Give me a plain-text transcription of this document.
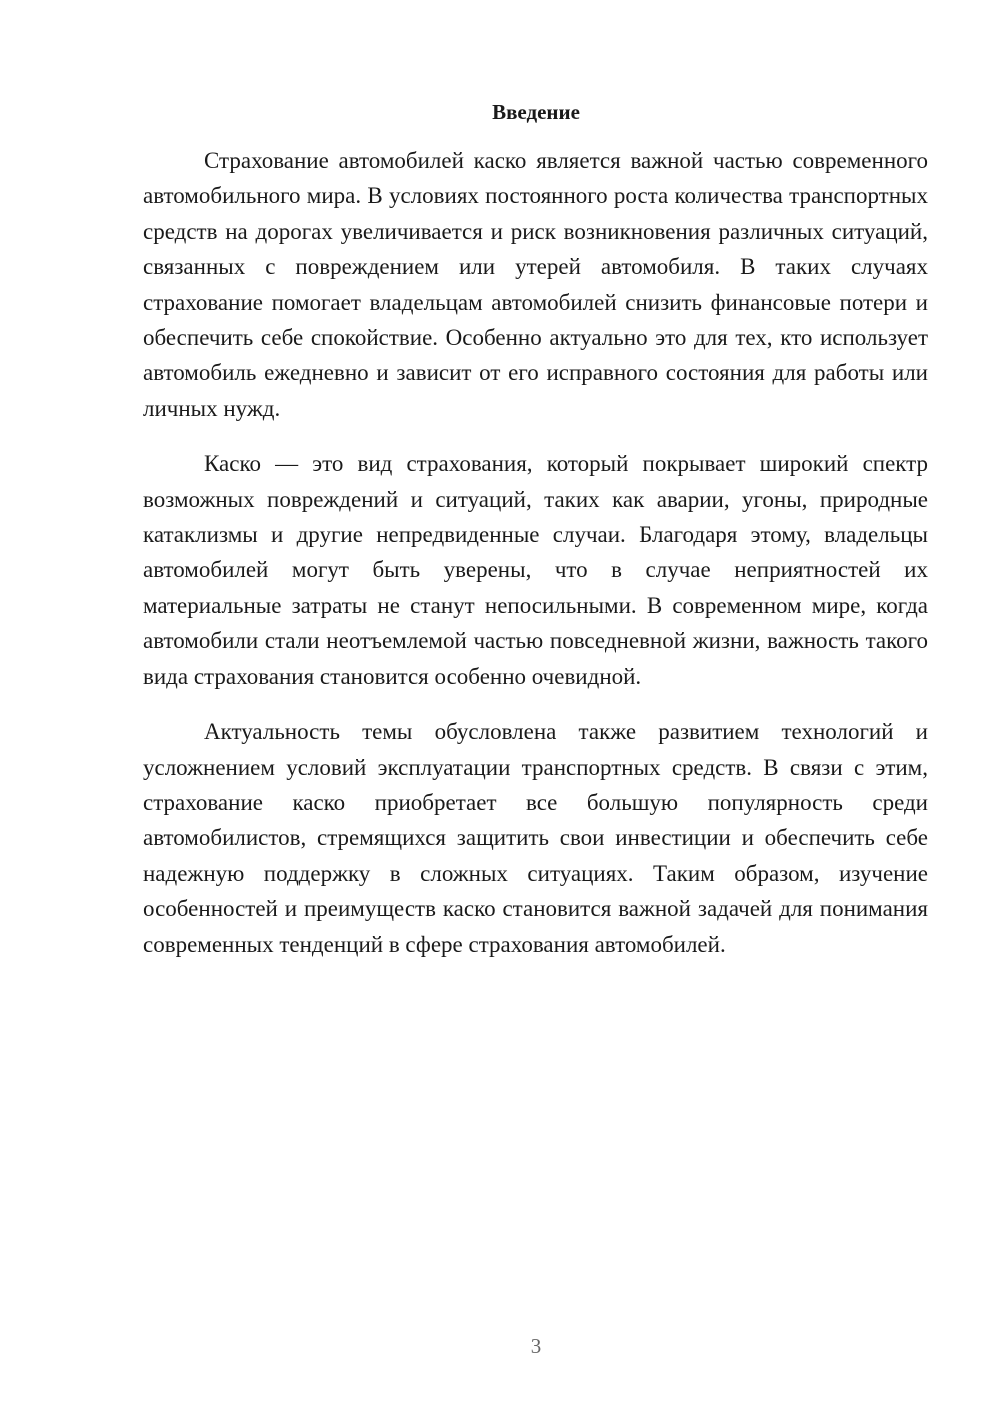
Введение

Страхование автомобилей каско является важной частью современного автомобильного мира. В условиях постоянного роста количества транспортных средств на дорогах увеличивается и риск возникновения различных ситуаций, связанных с повреждением или утерей автомобиля. В таких случаях страхование помогает владельцам автомобилей снизить финансовые потери и обеспечить себе спокойствие. Особенно актуально это для тех, кто использует автомобиль ежедневно и зависит от его исправного состояния для работы или личных нужд.

Каско — это вид страхования, который покрывает широкий спектр возможных повреждений и ситуаций, таких как аварии, угоны, природные катаклизмы и другие непредвиденные случаи. Благодаря этому, владельцы автомобилей могут быть уверены, что в случае неприятностей их материальные затраты не станут непосильными. В современном мире, когда автомобили стали неотъемлемой частью повседневной жизни, важность такого вида страхования становится особенно очевидной.

Актуальность темы обусловлена также развитием технологий и усложнением условий эксплуатации транспортных средств. В связи с этим, страхование каско приобретает все большую популярность среди автомобилистов, стремящихся защитить свои инвестиции и обеспечить себе надежную поддержку в сложных ситуациях. Таким образом, изучение особенностей и преимуществ каско становится важной задачей для понимания современных тенденций в сфере страхования автомобилей.

3
